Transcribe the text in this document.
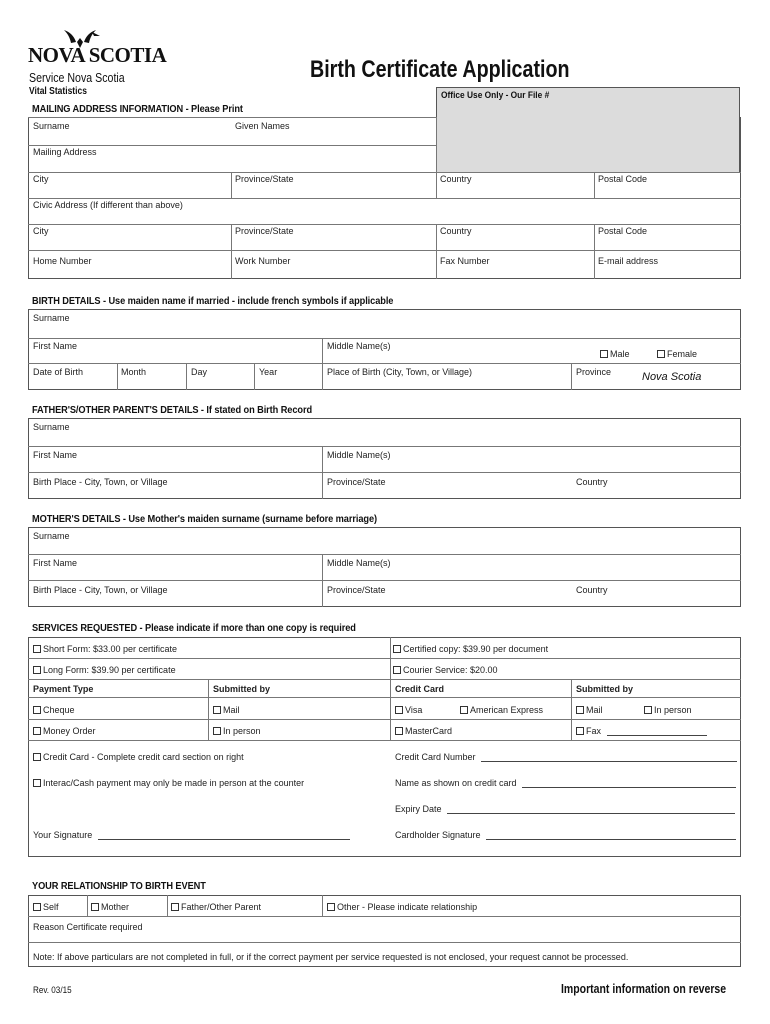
NOVA SCOTIA
Service Nova Scotia
Vital Statistics
Birth Certificate Application
Office Use Only - Our File #
MAILING ADDRESS INFORMATION - Please Print
Surname	Given Names
Mailing Address
City	Province/State	Country	Postal Code
Civic Address (If different than above)
City	Province/State	Country	Postal Code
Home Number	Work Number	Fax Number	E-mail address
BIRTH DETAILS - Use maiden name if married - include french symbols if applicable
Surname
First Name	Middle Name(s)
Male	Female
Date of Birth	Month	Day	Year	Place of Birth (City, Town, or Village)	Province	Nova Scotia
FATHER'S/OTHER PARENT'S DETAILS - If stated on Birth Record
Surname
First Name	Middle Name(s)
Birth Place - City, Town, or Village	Province/State	Country
MOTHER'S DETAILS - Use Mother's maiden surname (surname before marriage)
Surname
First Name	Middle Name(s)
Birth Place - City, Town, or Village	Province/State	Country
SERVICES REQUESTED - Please indicate if more than one copy is required
Short Form: $33.00 per certificate	Certified copy: $39.90 per document
Long Form: $39.90 per certificate	Courier Service: $20.00
Payment Type	Submitted by	Credit Card	Submitted by
Cheque	Mail	Visa	American Express	Mail	In person
Money Order	In person	MasterCard	Fax
Credit Card - Complete credit card section on right	Credit Card Number
Interac/Cash payment may only be made in person at the counter	Name as shown on credit card
Expiry Date
Your Signature	Cardholder Signature
YOUR RELATIONSHIP TO BIRTH EVENT
Self	Mother	Father/Other Parent	Other - Please indicate relationship
Reason Certificate required
Note: If above particulars are not completed in full, or if the correct payment per service requested is not enclosed, your request cannot be processed.
Rev. 03/15	Important information on reverse
